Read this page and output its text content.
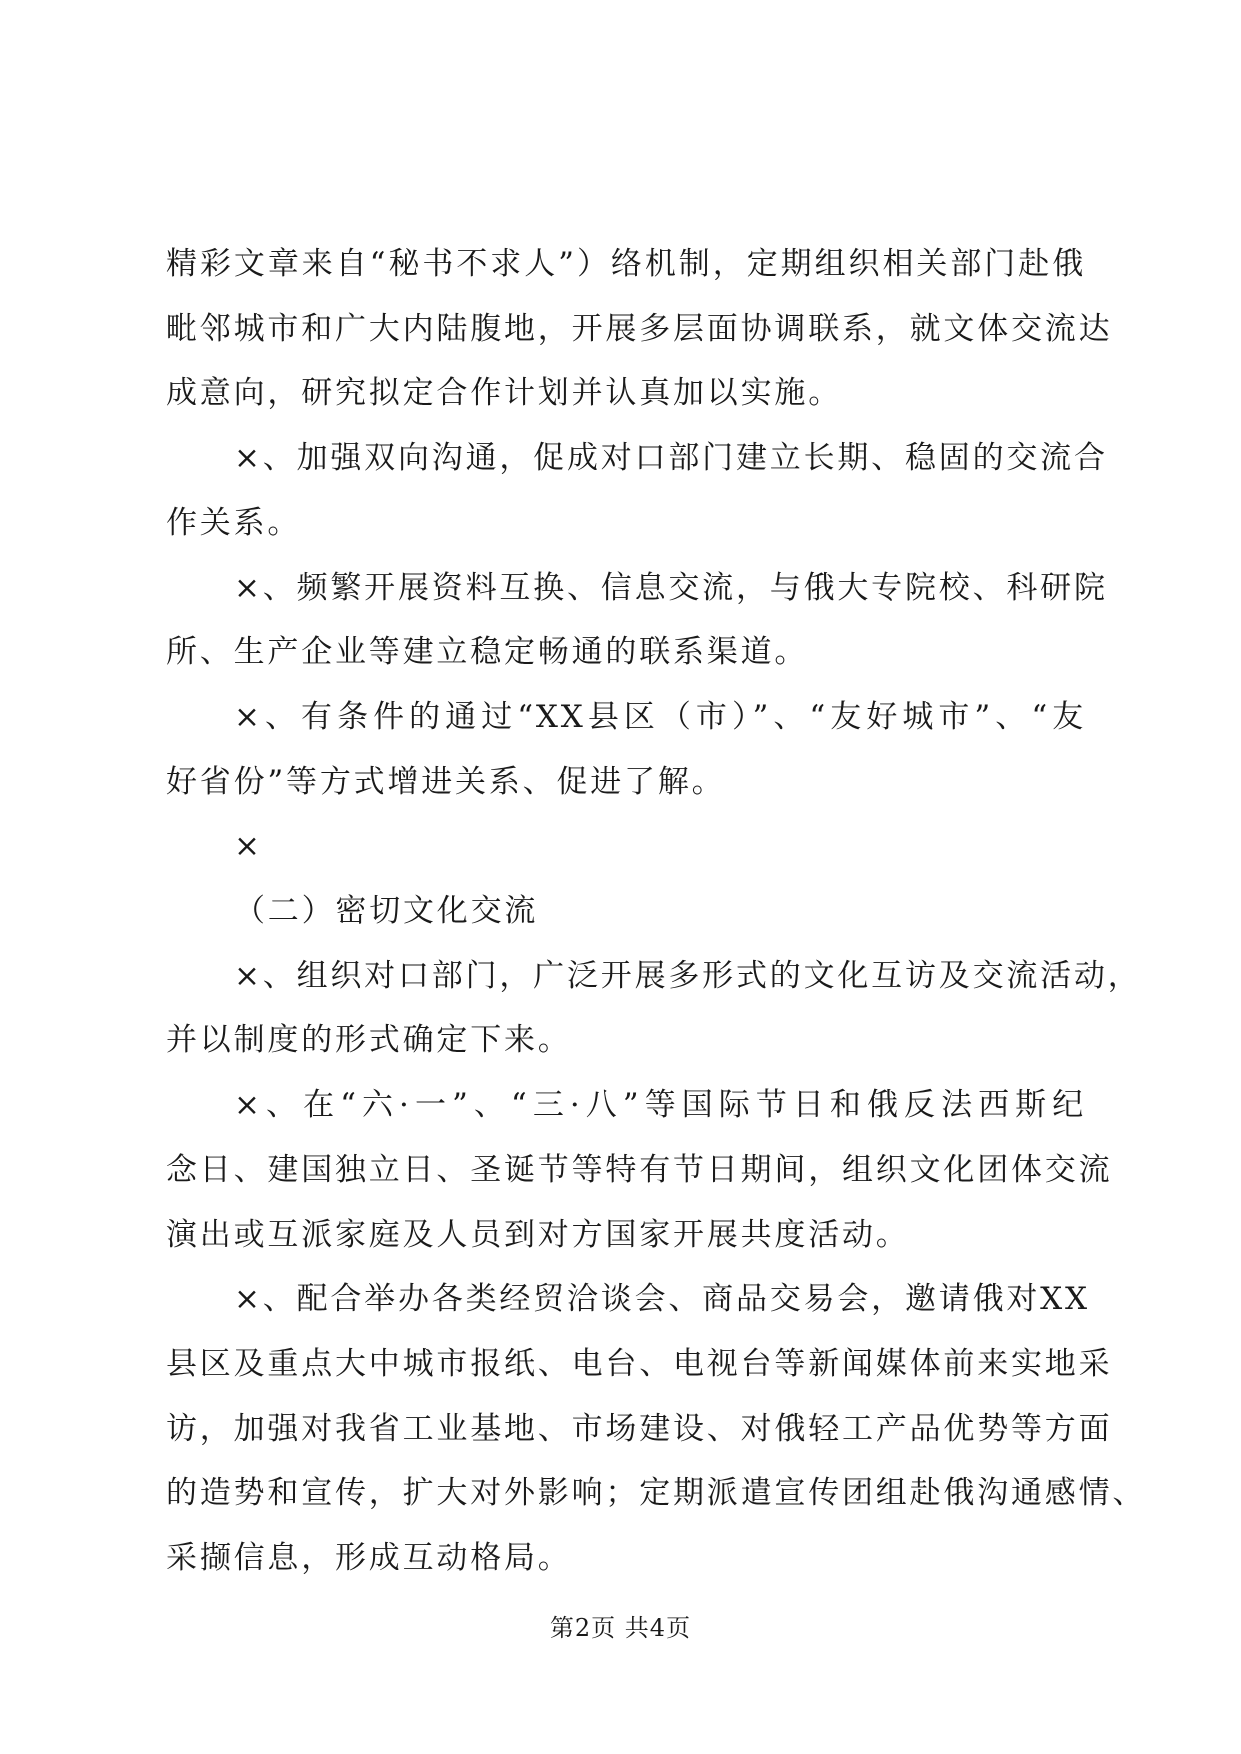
精彩文章来自“秘书不求人”）络机制，定期组织相关部门赴俄
毗邻城市和广大内陆腹地，开展多层面协调联系，就文体交流达
成意向，研究拟定合作计划并认真加以实施。

×、加强双向沟通，促成对口部门建立长期、稳固的交流合
作关系。

×、频繁开展资料互换、信息交流，与俄大专院校、科研院
所、生产企业等建立稳定畅通的联系渠道。

×、有条件的通过“XX县区（市）”、“友好城市”、“友
好省份”等方式增进关系、促进了解。

×

（二）密切文化交流

×、组织对口部门，广泛开展多形式的文化互访及交流活动，
并以制度的形式确定下来。

×、在“六·一”、“三·八”等国际节日和俄反法西斯纪
念日、建国独立日、圣诞节等特有节日期间，组织文化团体交流
演出或互派家庭及人员到对方国家开展共度活动。

×、配合举办各类经贸洽谈会、商品交易会，邀请俄对XX
县区及重点大中城市报纸、电台、电视台等新闻媒体前来实地采
访，加强对我省工业基地、市场建设、对俄轻工产品优势等方面
的造势和宣传，扩大对外影响；定期派遣宣传团组赴俄沟通感情、
采撷信息，形成互动格局。

第2页 共4页
